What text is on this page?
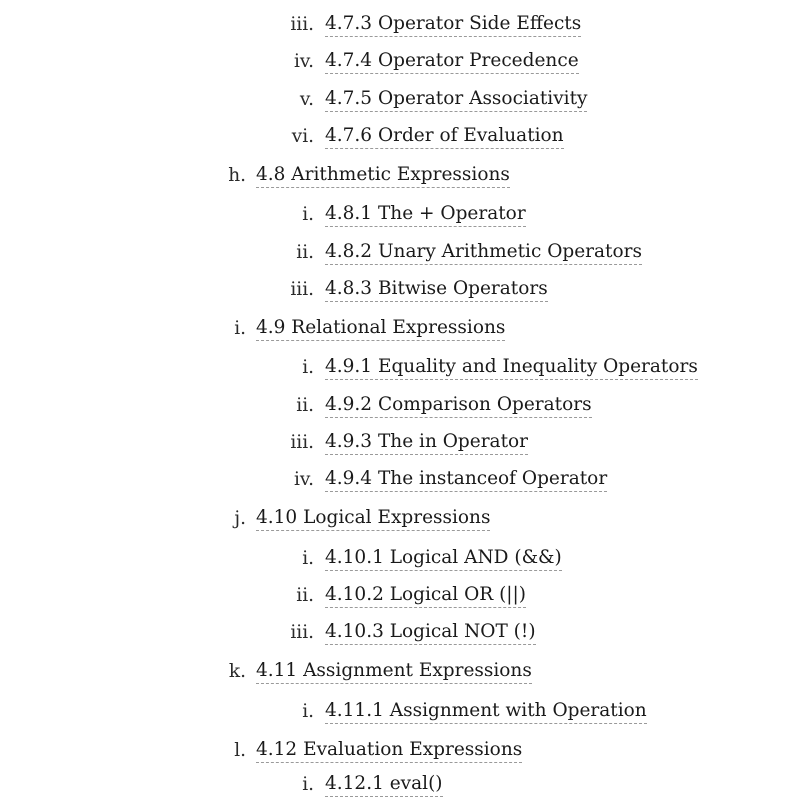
iii. 4.7.3 Operator Side Effects
iv. 4.7.4 Operator Precedence
v. 4.7.5 Operator Associativity
vi. 4.7.6 Order of Evaluation
h. 4.8 Arithmetic Expressions
i. 4.8.1 The + Operator
ii. 4.8.2 Unary Arithmetic Operators
iii. 4.8.3 Bitwise Operators
i. 4.9 Relational Expressions
i. 4.9.1 Equality and Inequality Operators
ii. 4.9.2 Comparison Operators
iii. 4.9.3 The in Operator
iv. 4.9.4 The instanceof Operator
j. 4.10 Logical Expressions
i. 4.10.1 Logical AND (&&)
ii. 4.10.2 Logical OR (||)
iii. 4.10.3 Logical NOT (!)
k. 4.11 Assignment Expressions
i. 4.11.1 Assignment with Operation
l. 4.12 Evaluation Expressions
i. 4.12.1 eval()
